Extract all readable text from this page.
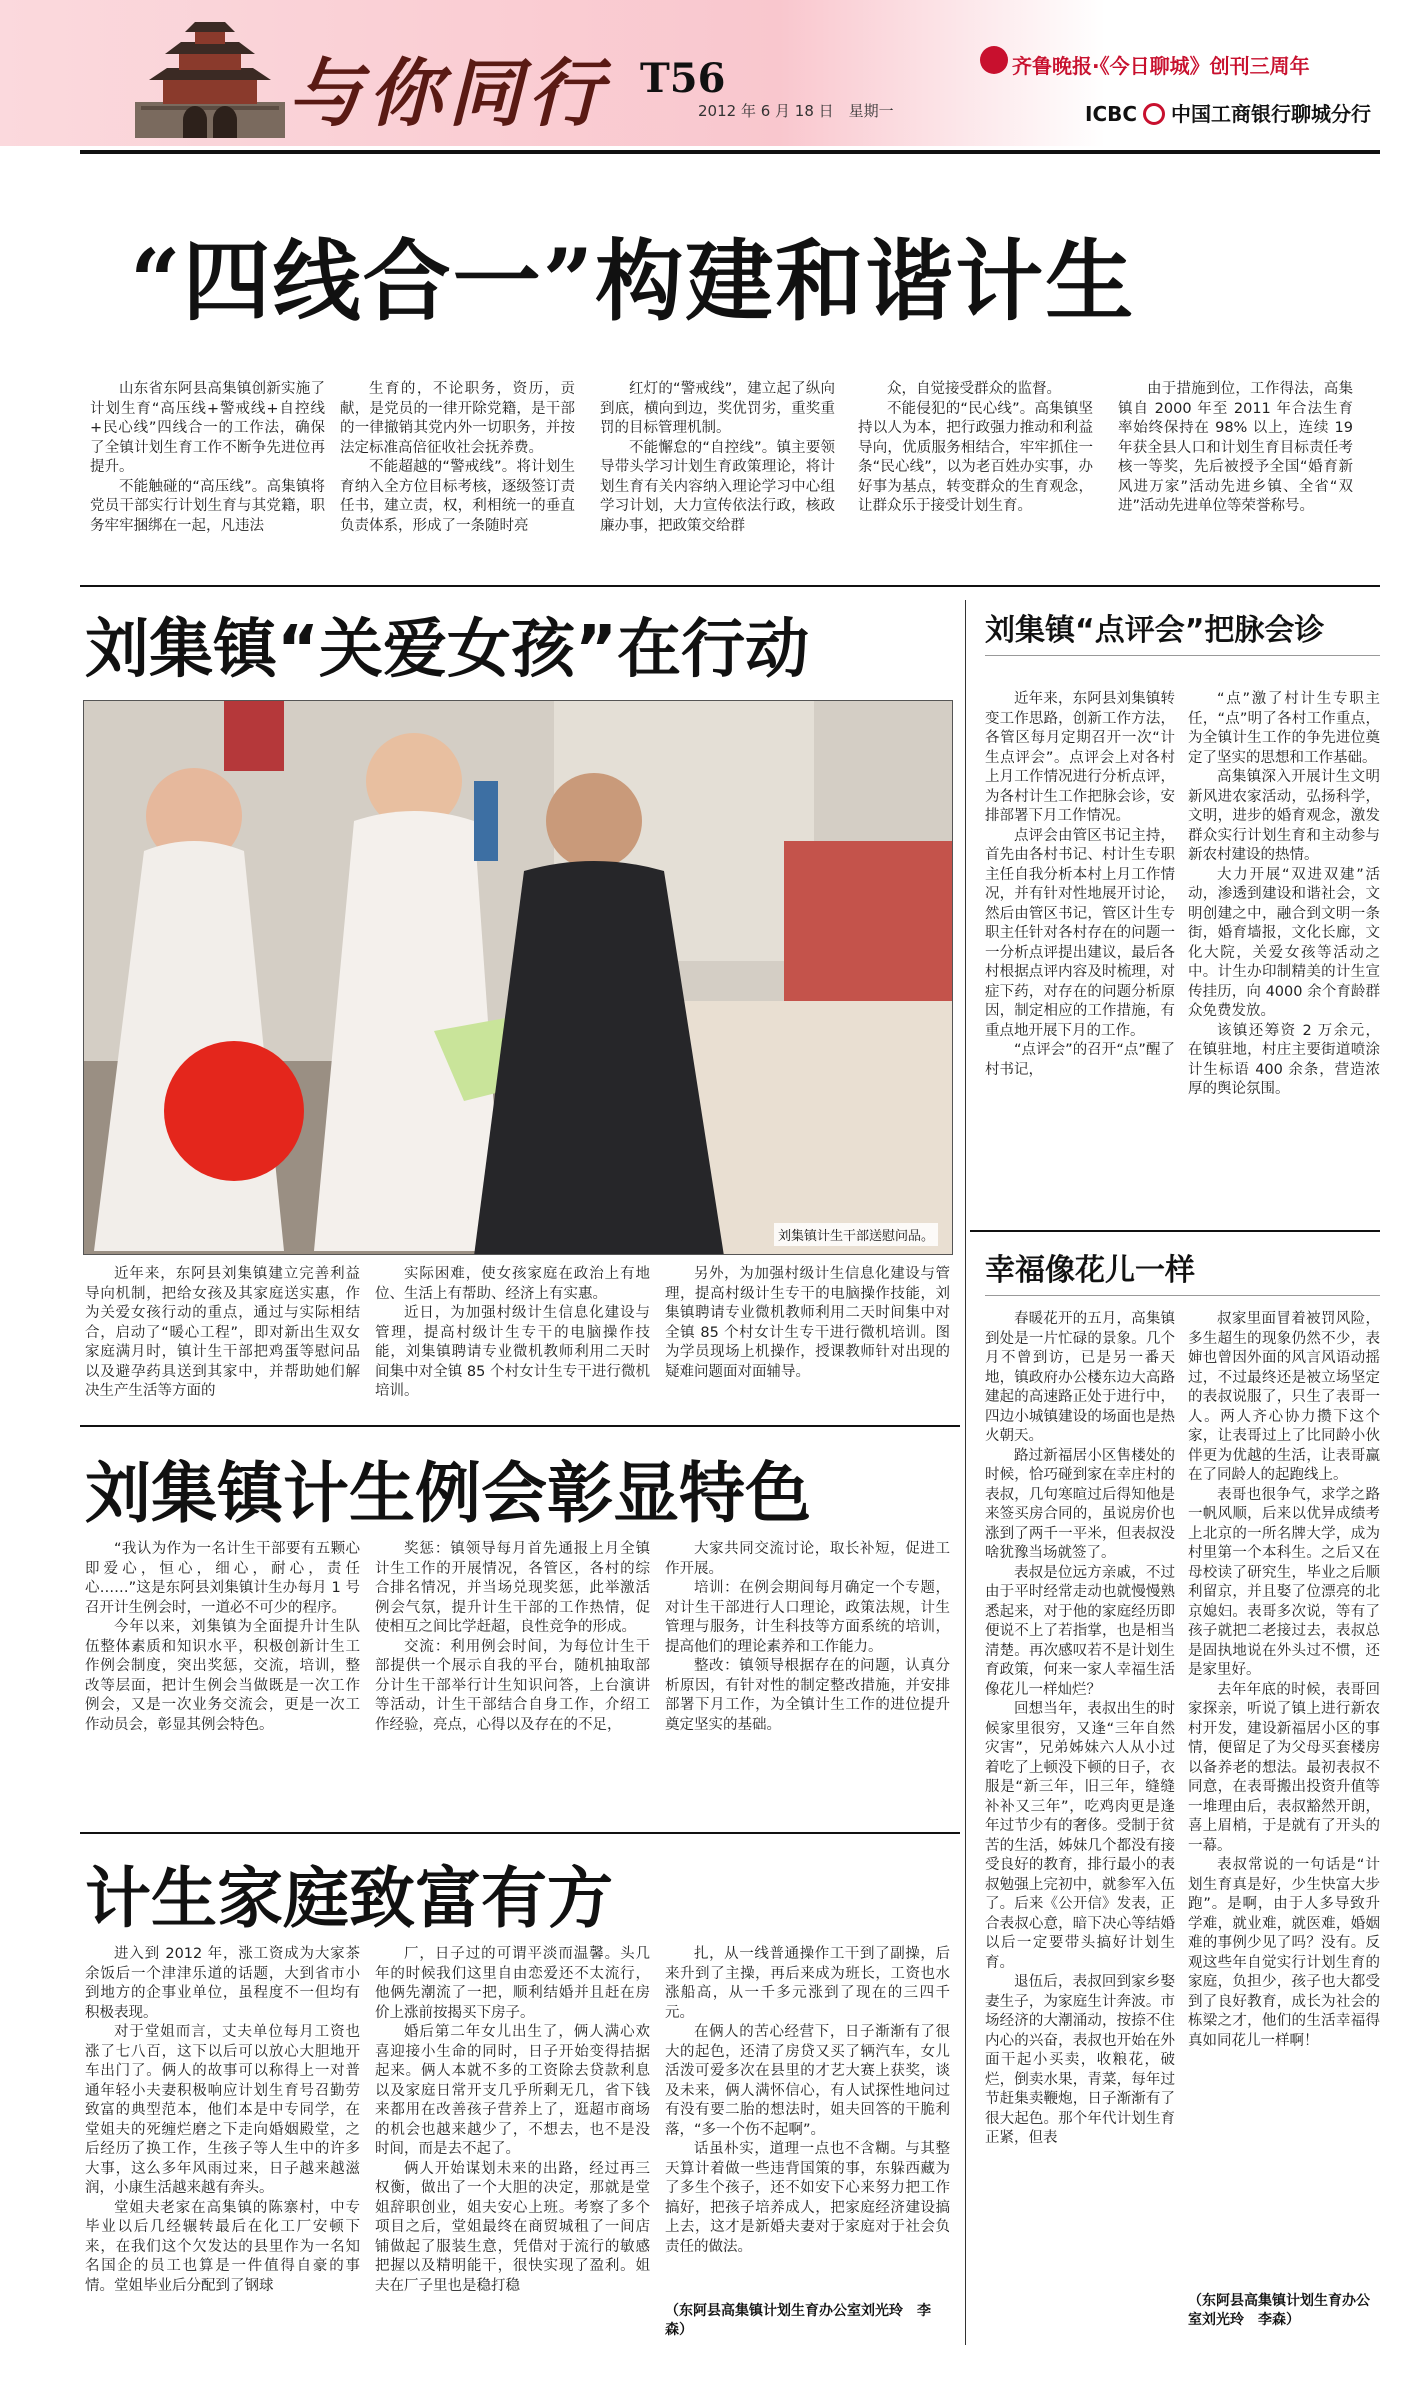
与你同行 T56
2012 年 6 月 18 日　星期一
齐鲁晚报·《今日聊城》创刊三周年
ICBC 中国工商银行聊城分行
“四线合一”构建和谐计生

山东省东阿县高集镇创新实施了计划生育“高压线+警戒线+自控线+民心线”四线合一的工作法，确保了全镇计划生育工作不断争先进位再提升。

不能触碰的“高压线”。高集镇将党员干部实行计划生育与其党籍，职务牢牢捆绑在一起，凡违法

生育的，不论职务，资历，贡献，是党员的一律开除党籍，是干部的一律撤销其党内外一切职务，并按法定标准高倍征收社会抚养费。

不能超越的“警戒线”。将计划生育纳入全方位目标考核，逐级签订责任书，建立责，权，利相统一的垂直负责体系，形成了一条随时亮

红灯的“警戒线”，建立起了纵向到底，横向到边，奖优罚劣，重奖重罚的目标管理机制。

不能懈怠的“自控线”。镇主要领导带头学习计划生育政策理论，将计划生育有关内容纳入理论学习中心组学习计划，大力宣传依法行政，核政廉办事，把政策交给群

众，自觉接受群众的监督。

不能侵犯的“民心线”。高集镇坚持以人为本，把行政强力推动和利益导向，优质服务相结合，牢牢抓住一条“民心线”，以为老百姓办实事，办好事为基点，转变群众的生育观念，让群众乐于接受计划生育。

由于措施到位，工作得法，高集镇自 2000 年至 2011 年合法生育率始终保持在 98% 以上，连续 19 年获全县人口和计划生育目标责任考核一等奖，先后被授予全国“婚育新风进万家”活动先进乡镇、全省“双进”活动先进单位等荣誉称号。

刘集镇“关爱女孩”在行动
刘集镇计生干部送慰问品。

近年来，东阿县刘集镇建立完善利益导向机制，把给女孩及其家庭送实惠，作为关爱女孩行动的重点，通过与实际相结合，启动了“暖心工程”，即对新出生双女家庭满月时，镇计生干部把鸡蛋等慰问品以及避孕药具送到其家中，并帮助她们解决生产生活等方面的

实际困难，使女孩家庭在政治上有地位、生活上有帮助、经济上有实惠。

近日，为加强村级计生信息化建设与管理，提高村级计生专干的电脑操作技能，刘集镇聘请专业微机教师利用二天时间集中对全镇 85 个村女计生专干进行微机培训。

另外，为加强村级计生信息化建设与管理，提高村级计生专干的电脑操作技能，刘集镇聘请专业微机教师利用二天时间集中对全镇 85 个村女计生专干进行微机培训。图为学员现场上机操作，授课教师针对出现的疑难问题面对面辅导。

刘集镇“点评会”把脉会诊

近年来，东阿县刘集镇转变工作思路，创新工作方法，各管区每月定期召开一次“计生点评会”。点评会上对各村上月工作情况进行分析点评，为各村计生工作把脉会诊，安排部署下月工作情况。

点评会由管区书记主持，首先由各村书记、村计生专职主任自我分析本村上月工作情况，并有针对性地展开讨论，然后由管区书记，管区计生专职主任针对各村存在的问题一一分析点评提出建议，最后各村根据点评内容及时梳理，对症下药，对存在的问题分析原因，制定相应的工作措施，有重点地开展下月的工作。

“点评会”的召开“点”醒了村书记，

“点”激了村计生专职主任，“点”明了各村工作重点，为全镇计生工作的争先进位奠定了坚实的思想和工作基础。

高集镇深入开展计生文明新风进农家活动，弘扬科学，文明，进步的婚育观念，激发群众实行计划生育和主动参与新农村建设的热情。

大力开展“双进双建”活动，渗透到建设和谐社会，文明创建之中，融合到文明一条街，婚育墙报，文化长廊，文化大院，关爱女孩等活动之中。计生办印制精美的计生宣传挂历，向 4000 余个育龄群众免费发放。

该镇还筹资 2 万余元，在镇驻地，村庄主要街道喷涂计生标语 400 余条，营造浓厚的舆论氛围。

幸福像花儿一样

春暖花开的五月，高集镇到处是一片忙碌的景象。几个月不曾到访，已是另一番天地，镇政府办公楼东边大高路建起的高速路正处于进行中，四边小城镇建设的场面也是热火朝天。

路过新福居小区售楼处的时候，恰巧碰到家在幸庄村的表叔，几句寒暄过后得知他是来签买房合同的，虽说房价也涨到了两千一平米，但表叔没啥犹豫当场就签了。

表叔是位远方亲戚，不过由于平时经常走动也就慢慢熟悉起来，对于他的家庭经历即便说不上了若指掌，也是相当清楚。再次感叹若不是计划生育政策，何来一家人幸福生活像花儿一样灿烂？

回想当年，表叔出生的时候家里很穷，又逢“三年自然灾害”，兄弟姊妹六人从小过着吃了上顿没下顿的日子，衣服是“新三年，旧三年，缝缝补补又三年”，吃鸡肉更是逢年过节少有的奢侈。受制于贫苦的生活，姊妹几个都没有接受良好的教育，排行最小的表叔勉强上完初中，就参军入伍了。后来《公开信》发表，正合表叔心意，暗下决心等结婚以后一定要带头搞好计划生育。

退伍后，表叔回到家乡娶妻生子，为家庭生计奔波。市场经济的大潮涌动，按捺不住内心的兴奋，表叔也开始在外面干起小买卖，收粮花，破烂，倒卖水果，青菜，每年过节赶集卖鞭炮，日子渐渐有了很大起色。那个年代计划生育正紧，但表

叔家里面冒着被罚风险，多生超生的现象仍然不少，表婶也曾因外面的风言风语动摇过，不过最终还是被立场坚定的表叔说服了，只生了表哥一人。两人齐心协力攒下这个家，让表哥过上了比同龄小伙伴更为优越的生活，让表哥赢在了同龄人的起跑线上。

表哥也很争气，求学之路一帆风顺，后来以优异成绩考上北京的一所名牌大学，成为村里第一个本科生。之后又在母校读了研究生，毕业之后顺利留京，并且娶了位漂亮的北京媳妇。表哥多次说，等有了孩子就把二老接过去，表叔总是固执地说在外头过不惯，还是家里好。

去年年底的时候，表哥回家探亲，听说了镇上进行新农村开发，建设新福居小区的事情，便留足了为父母买套楼房以备养老的想法。最初表叔不同意，在表哥搬出投资升值等一堆理由后，表叔豁然开朗，喜上眉梢，于是就有了开头的一幕。

表叔常说的一句话是“计划生育真是好，少生快富大步跑”。是啊，由于人多导致升学难，就业难，就医难，婚姻难的事例少见了吗？没有。反观这些年自觉实行计划生育的家庭，负担少，孩子也大都受到了良好教育，成长为社会的栋梁之才，他们的生活幸福得真如同花儿一样啊！

（东阿县高集镇计划生育办公室刘光玲　李森）
刘集镇计生例会彰显特色

“我认为作为一名计生干部要有五颗心即爱心，恒心，细心，耐心，责任心……”这是东阿县刘集镇计生办每月 1 号召开计生例会时，一道必不可少的程序。

今年以来，刘集镇为全面提升计生队伍整体素质和知识水平，积极创新计生工作例会制度，突出奖惩，交流，培训，整改等层面，把计生例会当做既是一次工作例会，又是一次业务交流会，更是一次工作动员会，彰显其例会特色。

奖惩：镇领导每月首先通报上月全镇计生工作的开展情况，各管区，各村的综合排名情况，并当场兑现奖惩，此举激活例会气氛，提升计生干部的工作热情，促使相互之间比学赶超，良性竞争的形成。

交流：利用例会时间，为每位计生干部提供一个展示自我的平台，随机抽取部分计生干部举行计生知识问答，上台演讲等活动，计生干部结合自身工作，介绍工作经验，亮点，心得以及存在的不足，

大家共同交流讨论，取长补短，促进工作开展。

培训：在例会期间每月确定一个专题，对计生干部进行人口理论，政策法规，计生管理与服务，计生科技等方面系统的培训，提高他们的理论素养和工作能力。

整改：镇领导根据存在的问题，认真分析原因，有针对性的制定整改措施，并安排部署下月工作，为全镇计生工作的进位提升奠定坚实的基础。

计生家庭致富有方

进入到 2012 年，涨工资成为大家茶余饭后一个津津乐道的话题，大到省市小到地方的企事业单位，虽程度不一但均有积极表现。

对于堂姐而言，丈夫单位每月工资也涨了七八百，这下以后可以放心大胆地开车出门了。俩人的故事可以称得上一对普通年轻小夫妻积极响应计划生育号召勤劳致富的典型范本，他们本是中专同学，在堂姐夫的死缠烂磨之下走向婚姻殿堂，之后经历了换工作，生孩子等人生中的许多大事，这么多年风雨过来，日子越来越滋润，小康生活越来越有奔头。

堂姐夫老家在高集镇的陈寨村，中专毕业以后几经辗转最后在化工厂安顿下来，在我们这个欠发达的县里作为一名知名国企的员工也算是一件值得自豪的事情。堂姐毕业后分配到了钢球

厂，日子过的可谓平淡而温馨。头几年的时候我们这里自由恋爱还不太流行，他俩先潮流了一把，顺利结婚并且赶在房价上涨前按揭买下房子。

婚后第二年女儿出生了，俩人满心欢喜迎接小生命的同时，日子开始变得拮据起来。俩人本就不多的工资除去贷款利息以及家庭日常开支几乎所剩无几，省下钱来都用在改善孩子营养上了，逛超市商场的机会也越来越少了，不想去，也不是没时间，而是去不起了。

俩人开始谋划未来的出路，经过再三权衡，做出了一个大胆的决定，那就是堂姐辞职创业，姐夫安心上班。考察了多个项目之后，堂姐最终在商贸城租了一间店铺做起了服装生意，凭借对于流行的敏感把握以及精明能干，很快实现了盈利。姐夫在厂子里也是稳打稳

扎，从一线普通操作工干到了副操，后来升到了主操，再后来成为班长，工资也水涨船高，从一千多元涨到了现在的三四千元。

在俩人的苦心经营下，日子渐渐有了很大的起色，还清了房贷又买了辆汽车，女儿活泼可爱多次在县里的才艺大赛上获奖，谈及未来，俩人满怀信心，有人试探性地问过有没有要二胎的想法时，姐夫回答的干脆利落，“多一个伤不起啊”。

话虽朴实，道理一点也不含糊。与其整天算计着做一些违背国策的事，东躲西藏为了多生个孩子，还不如安下心来努力把工作搞好，把孩子培养成人，把家庭经济建设搞上去，这才是新婚夫妻对于家庭对于社会负责任的做法。

（东阿县高集镇计划生育办公室刘光玲　李森）
